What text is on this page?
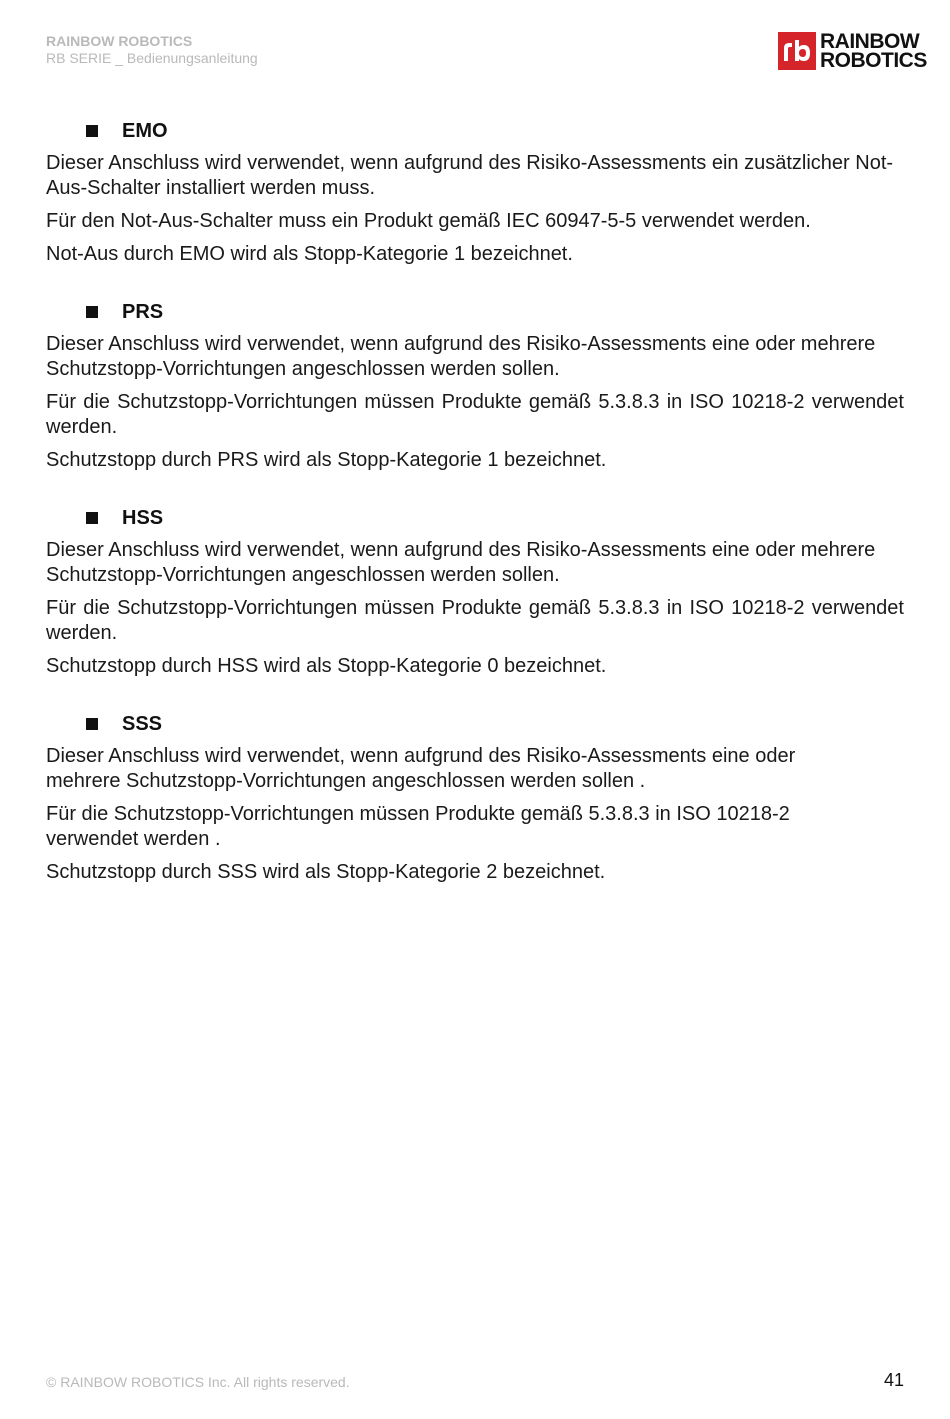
RAINBOW ROBOTICS
RB SERIE _ Bedienungsanleitung
RAINBOW
ROBOTICS
EMO

Dieser Anschluss wird verwendet, wenn aufgrund des Risiko-Assessments ein zusätzlicher Not-Aus-Schalter installiert werden muss.

Für den Not-Aus-Schalter muss ein Produkt gemäß IEC 60947-5-5 verwendet werden.

Not-Aus durch EMO wird als Stopp-Kategorie 1 bezeichnet.

PRS

Dieser Anschluss wird verwendet, wenn aufgrund des Risiko-Assessments eine oder mehrere Schutzstopp-Vorrichtungen angeschlossen werden sollen.

Für die Schutzstopp-Vorrichtungen müssen Produkte gemäß 5.3.8.3 in ISO 10218-2 verwendet werden.

Schutzstopp durch PRS wird als Stopp-Kategorie 1 bezeichnet.

HSS

Dieser Anschluss wird verwendet, wenn aufgrund des Risiko-Assessments eine oder mehrere Schutzstopp-Vorrichtungen angeschlossen werden sollen.

Für die Schutzstopp-Vorrichtungen müssen Produkte gemäß 5.3.8.3 in ISO 10218-2 verwendet werden.

Schutzstopp durch HSS wird als Stopp-Kategorie 0 bezeichnet.

SSS

Dieser Anschluss wird verwendet, wenn aufgrund des Risiko-Assessments eine oder mehrere Schutzstopp-Vorrichtungen angeschlossen werden sollen .

Für die Schutzstopp-Vorrichtungen müssen Produkte gemäß 5.3.8.3 in ISO 10218-2 verwendet werden .

Schutzstopp durch SSS wird als Stopp-Kategorie 2 bezeichnet.

© RAINBOW ROBOTICS Inc. All rights reserved.	41
